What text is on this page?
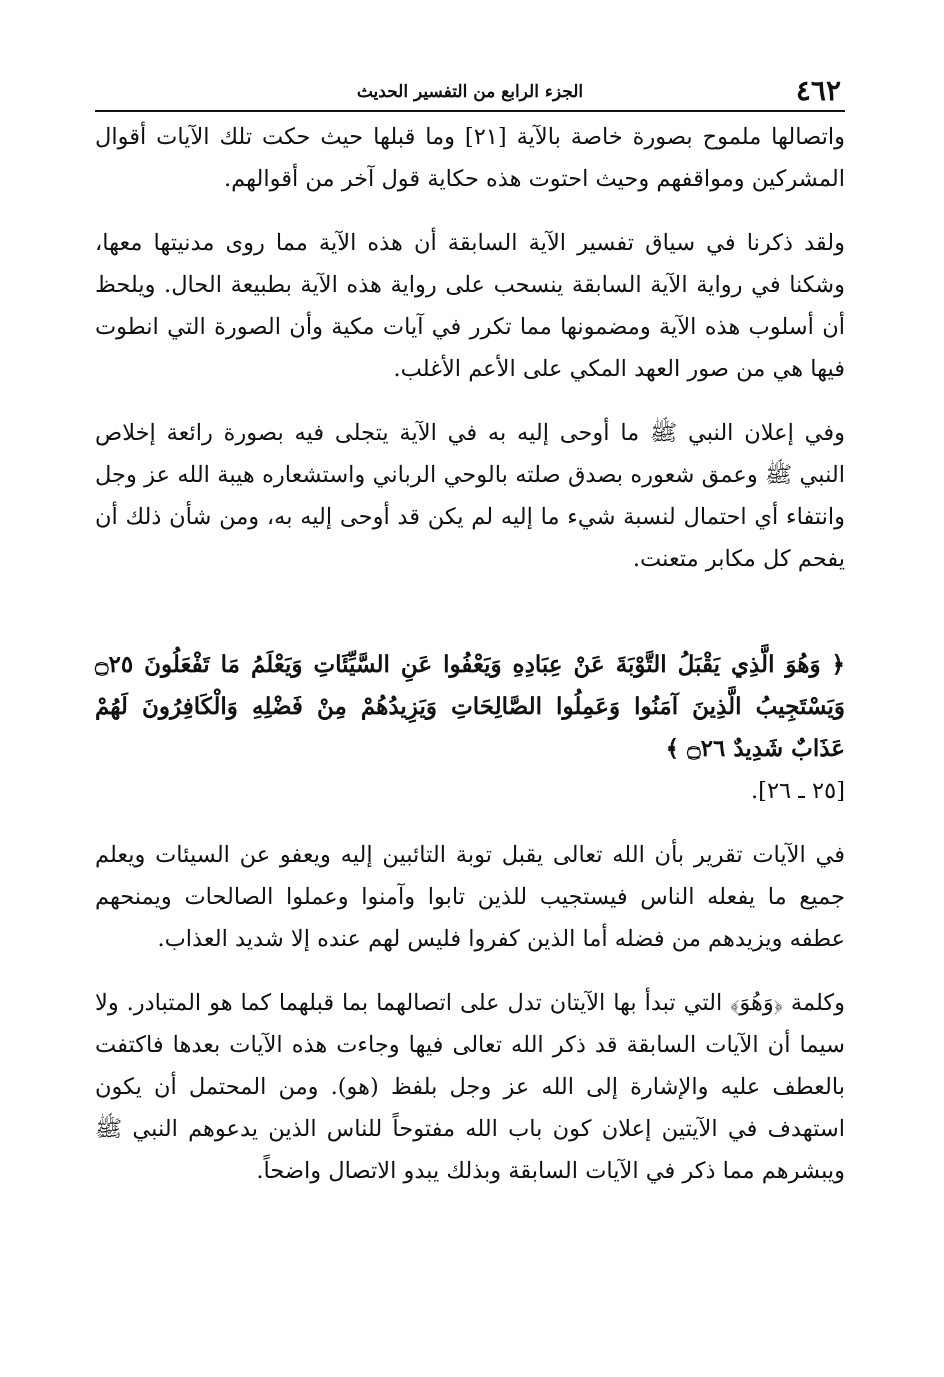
٤٦٢
الجزء الرابع من التفسير الحديث

واتصالها ملموح بصورة خاصة بالآية [٢١] وما قبلها حيث حكت تلك الآيات أقوال المشركين ومواقفهم وحيث احتوت هذه حكاية قول آخر من أقوالهم.

ولقد ذكرنا في سياق تفسير الآية السابقة أن هذه الآية مما روى مدنيتها معها، وشكنا في رواية الآية السابقة ينسحب على رواية هذه الآية بطبيعة الحال. ويلحظ أن أسلوب هذه الآية ومضمونها مما تكرر في آيات مكية وأن الصورة التي انطوت فيها هي من صور العهد المكي على الأعم الأغلب.

وفي إعلان النبي ﷺ ما أوحى إليه به في الآية يتجلى فيه بصورة رائعة إخلاص النبي ﷺ وعمق شعوره بصدق صلته بالوحي الرباني واستشعاره هيبة الله عز وجل وانتفاء أي احتمال لنسبة شيء ما إليه لم يكن قد أوحى إليه به، ومن شأن ذلك أن يفحم كل مكابر متعنت.

﴿ وَهُوَ الَّذِي يَقْبَلُ التَّوْبَةَ عَنْ عِبَادِهِ وَيَعْفُوا عَنِ السَّيِّئَاتِ وَيَعْلَمُ مَا تَفْعَلُونَ ۝٢٥ وَيَسْتَجِيبُ الَّذِينَ آمَنُوا وَعَمِلُوا الصَّالِحَاتِ وَيَزِيدُهُمْ مِنْ فَضْلِهِ وَالْكَافِرُونَ لَهُمْ عَذَابٌ شَدِيدٌ ۝٢٦ ﴾

[٢٥ ـ ٢٦].

في الآيات تقرير بأن الله تعالى يقبل توبة التائبين إليه ويعفو عن السيئات ويعلم جميع ما يفعله الناس فيستجيب للذين تابوا وآمنوا وعملوا الصالحات ويمنحهم عطفه ويزيدهم من فضله أما الذين كفروا فليس لهم عنده إلا شديد العذاب.

وكلمة ﴿وَهُوَ﴾ التي تبدأ بها الآيتان تدل على اتصالهما بما قبلهما كما هو المتبادر. ولا سيما أن الآيات السابقة قد ذكر الله تعالى فيها وجاءت هذه الآيات بعدها فاكتفت بالعطف عليه والإشارة إلى الله عز وجل بلفظ (هو). ومن المحتمل أن يكون استهدف في الآيتين إعلان كون باب الله مفتوحاً للناس الذين يدعوهم النبي ﷺ ويبشرهم مما ذكر في الآيات السابقة وبذلك يبدو الاتصال واضحاً.
